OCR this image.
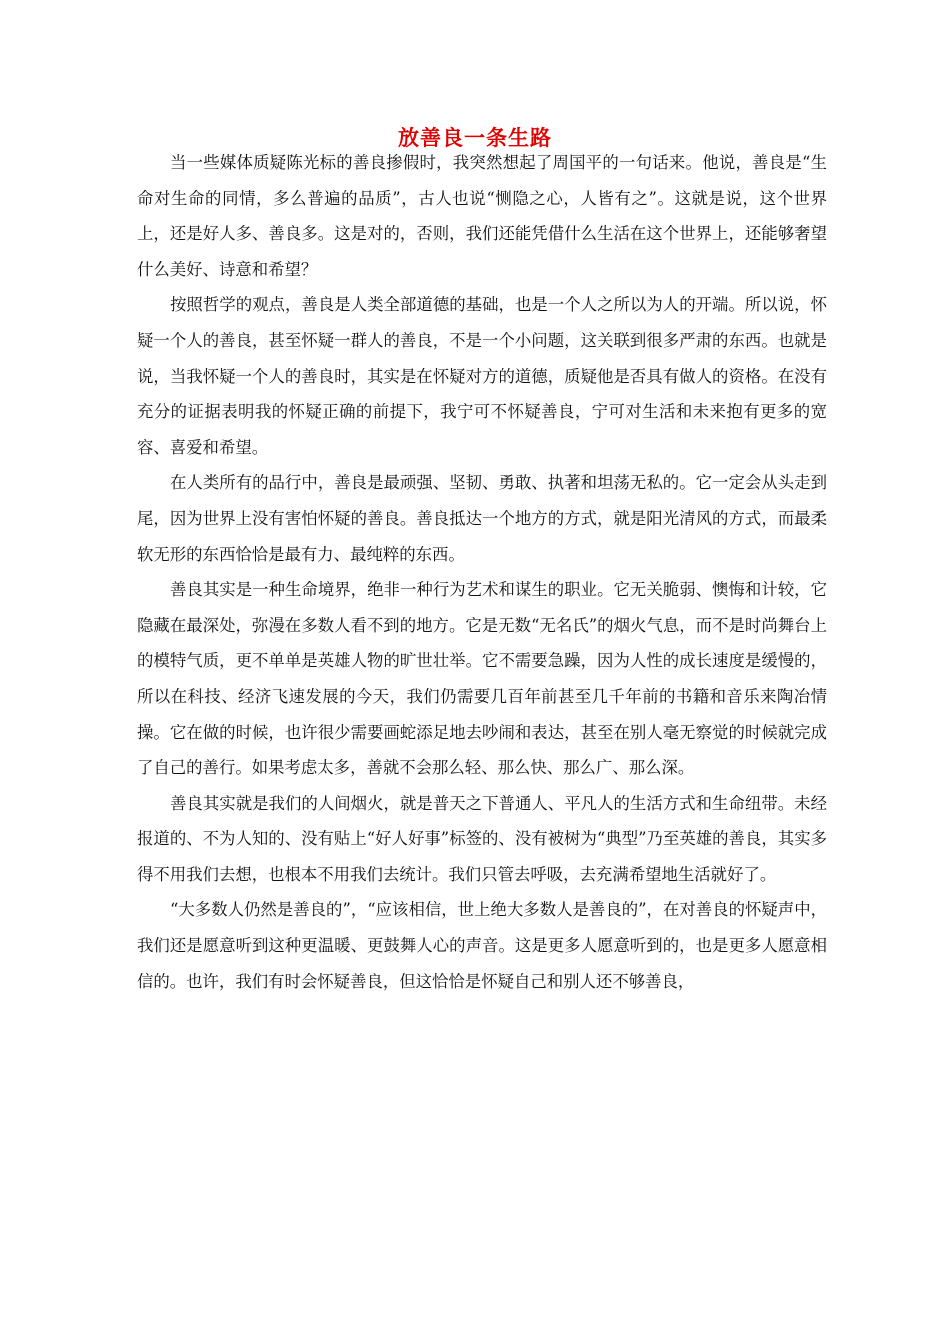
放善良一条生路

当一些媒体质疑陈光标的善良掺假时，我突然想起了周国平的一句话来。他说，善良是“生命对生命的同情，多么普遍的品质”，古人也说“恻隐之心，人皆有之”。这就是说，这个世界上，还是好人多、善良多。这是对的，否则，我们还能凭借什么生活在这个世界上，还能够奢望什么美好、诗意和希望？

按照哲学的观点，善良是人类全部道德的基础，也是一个人之所以为人的开端。所以说，怀疑一个人的善良，甚至怀疑一群人的善良，不是一个小问题，这关联到很多严肃的东西。也就是说，当我怀疑一个人的善良时，其实是在怀疑对方的道德，质疑他是否具有做人的资格。在没有充分的证据表明我的怀疑正确的前提下，我宁可不怀疑善良，宁可对生活和未来抱有更多的宽容、喜爱和希望。

在人类所有的品行中，善良是最顽强、坚韧、勇敢、执著和坦荡无私的。它一定会从头走到尾，因为世界上没有害怕怀疑的善良。善良抵达一个地方的方式，就是阳光清风的方式，而最柔软无形的东西恰恰是最有力、最纯粹的东西。

善良其实是一种生命境界，绝非一种行为艺术和谋生的职业。它无关脆弱、懊悔和计较，它隐藏在最深处，弥漫在多数人看不到的地方。它是无数“无名氏”的烟火气息，而不是时尚舞台上的模特气质，更不单单是英雄人物的旷世壮举。它不需要急躁，因为人性的成长速度是缓慢的，所以在科技、经济飞速发展的今天，我们仍需要几百年前甚至几千年前的书籍和音乐来陶冶情操。它在做的时候，也许很少需要画蛇添足地去吵闹和表达，甚至在别人毫无察觉的时候就完成了自己的善行。如果考虑太多，善就不会那么轻、那么快、那么广、那么深。

善良其实就是我们的人间烟火，就是普天之下普通人、平凡人的生活方式和生命纽带。未经报道的、不为人知的、没有贴上“好人好事”标签的、没有被树为“典型”乃至英雄的善良，其实多得不用我们去想，也根本不用我们去统计。我们只管去呼吸，去充满希望地生活就好了。

“大多数人仍然是善良的”，“应该相信，世上绝大多数人是善良的”，在对善良的怀疑声中，我们还是愿意听到这种更温暖、更鼓舞人心的声音。这是更多人愿意听到的，也是更多人愿意相信的。也许，我们有时会怀疑善良，但这恰恰是怀疑自己和别人还不够善良，
